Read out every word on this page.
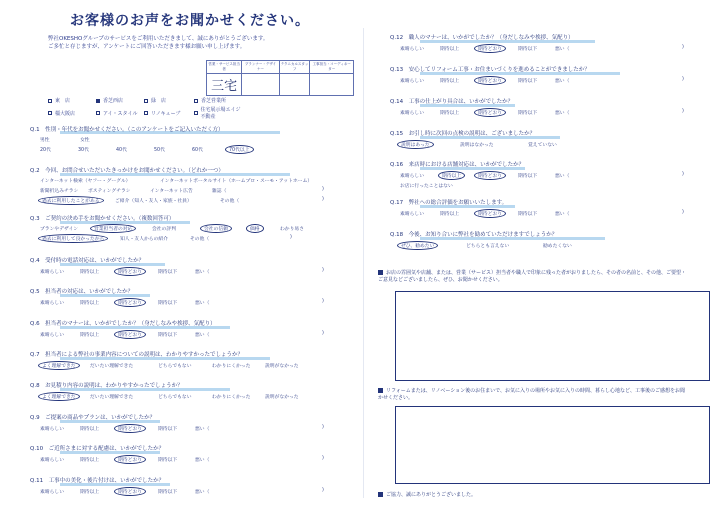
お客様のお声をお聞かせください。
弊社OKESHOグループのサービスをご利用いただきまして、誠にありがとうございます。
ご多忙と存じますが、アンケートにご回答いただきます様お願い申し上げます。
営業・サービス担当者	プランナー・デザイナー	テクニカルスタッフ	工事担当・コーディネーター
三宅			
東　店	香芝西店	緑　店	香芝営業所
橿大阪店	アイ・スタイル	リノキューブ
住宅展示場エイジ不動産
Q.1　性別・年代をお聞かせください。（このアンケートをご記入いただく方）
男性	女性
20代	30代	40代	50代	60代	70代以上
Q.2　今回、お問合せいただいたきっかけをお聞かせください。（どれか一つ）
インターネット検索（ヤフー・グーグル）	インターネットポータルサイト（ホームプロ・スーモ・アットホーム）
新聞折込みチラシ ポスティングチラシ	インターネット広告	雑誌（	)
過去に利用したことがある	ご紹介（知人・友人・家族・社員）	その他（	)
Q.3　ご契約の決め手をお聞かせください。（複数回答可）
プランやデザイン	営業担当者の対応	会社の評判	会社の信頼	価格	わかり易さ
過去に利用して良かったから	知人・友人からの紹介	その他（	)
Q.4　受付時の電話対応は、いかがでしたか？
素晴らしい	期待以上	期待どおり	期待以下	悪い（	)
Q.5　担当者の対応は、いかがでしたか？
素晴らしい	期待以上	期待どおり	期待以下	悪い（	)
Q.6　担当者のマナーは、いかがでしたか？（身だしなみや挨拶、気配り）
素晴らしい	期待以上	期待どおり	期待以下	悪い（	)
Q.7　担当者による弊社の事業内容についての説明は、わかりやすかったでしょうか？
よく理解できた	だいたい理解できた	どちらでもない	わかりにくかった	説明がなかった
Q.8　お見積り内容の説明は、わかりやすかったでしょうか？
よく理解できた	だいたい理解できた	どちらでもない	わかりにくかった	説明がなかった
Q.9　ご提案の商品やプランは、いかがでしたか？
素晴らしい	期待以上	期待どおり	期待以下	悪い（	)
Q.10　ご近所さまに対する配慮は、いかがでしたか？
素晴らしい	期待以上	期待どおり	期待以下	悪い（	)
Q.11　工事中の美化・後片付けは、いかがでしたか？
素晴らしい	期待以上	期待どおり	期待以下	悪い（	)
Q.12　職人のマナーは、いかがでしたか？（身だしなみや挨拶、気配り）
素晴らしい	期待以上	期待どおり	期待以下	悪い（	)
Q.13　安心してリフォーム工事・お住まいづくりを進めることができましたか？
素晴らしい	期待以上	期待どおり	期待以下	悪い（	)
Q.14　工事の仕上がり具合は、いかがでしたか？
素晴らしい	期待以上	期待どおり	期待以下	悪い（	)
Q.15　お引し時に次回の点検の説明は、ございましたか？
説明はあった	説明はなかった	覚えていない
Q.16　来店時における店舗対応は、いかがでしたか？
素晴らしい	期待以上	期待どおり	期待以下	悪い（	)
お店に行ったことはない
Q.17　弊社への総合評価をお願いいたします。
素晴らしい	期待以上	期待どおり	期待以下	悪い（	)
Q.18　今後、お知り合いに弊社を勧めていただけますでしょうか？
ぜひ、勧めたい	どちらとも言えない	勧めたくない
お店の雰囲気や店舗、または、営業（サービス）担当者や職人で印象に残った者がおりましたら、その者の名前と、その他、ご要望・ご意見などございましたら、ぜひ、お聞かせください。
リフォームまたは、リノベーション後のお住まいで、お気に入りの場所やお気に入りの時間、暮らし心地など、工事後のご感想をお聞かせください。
ご協力、誠にありがとうございました。
